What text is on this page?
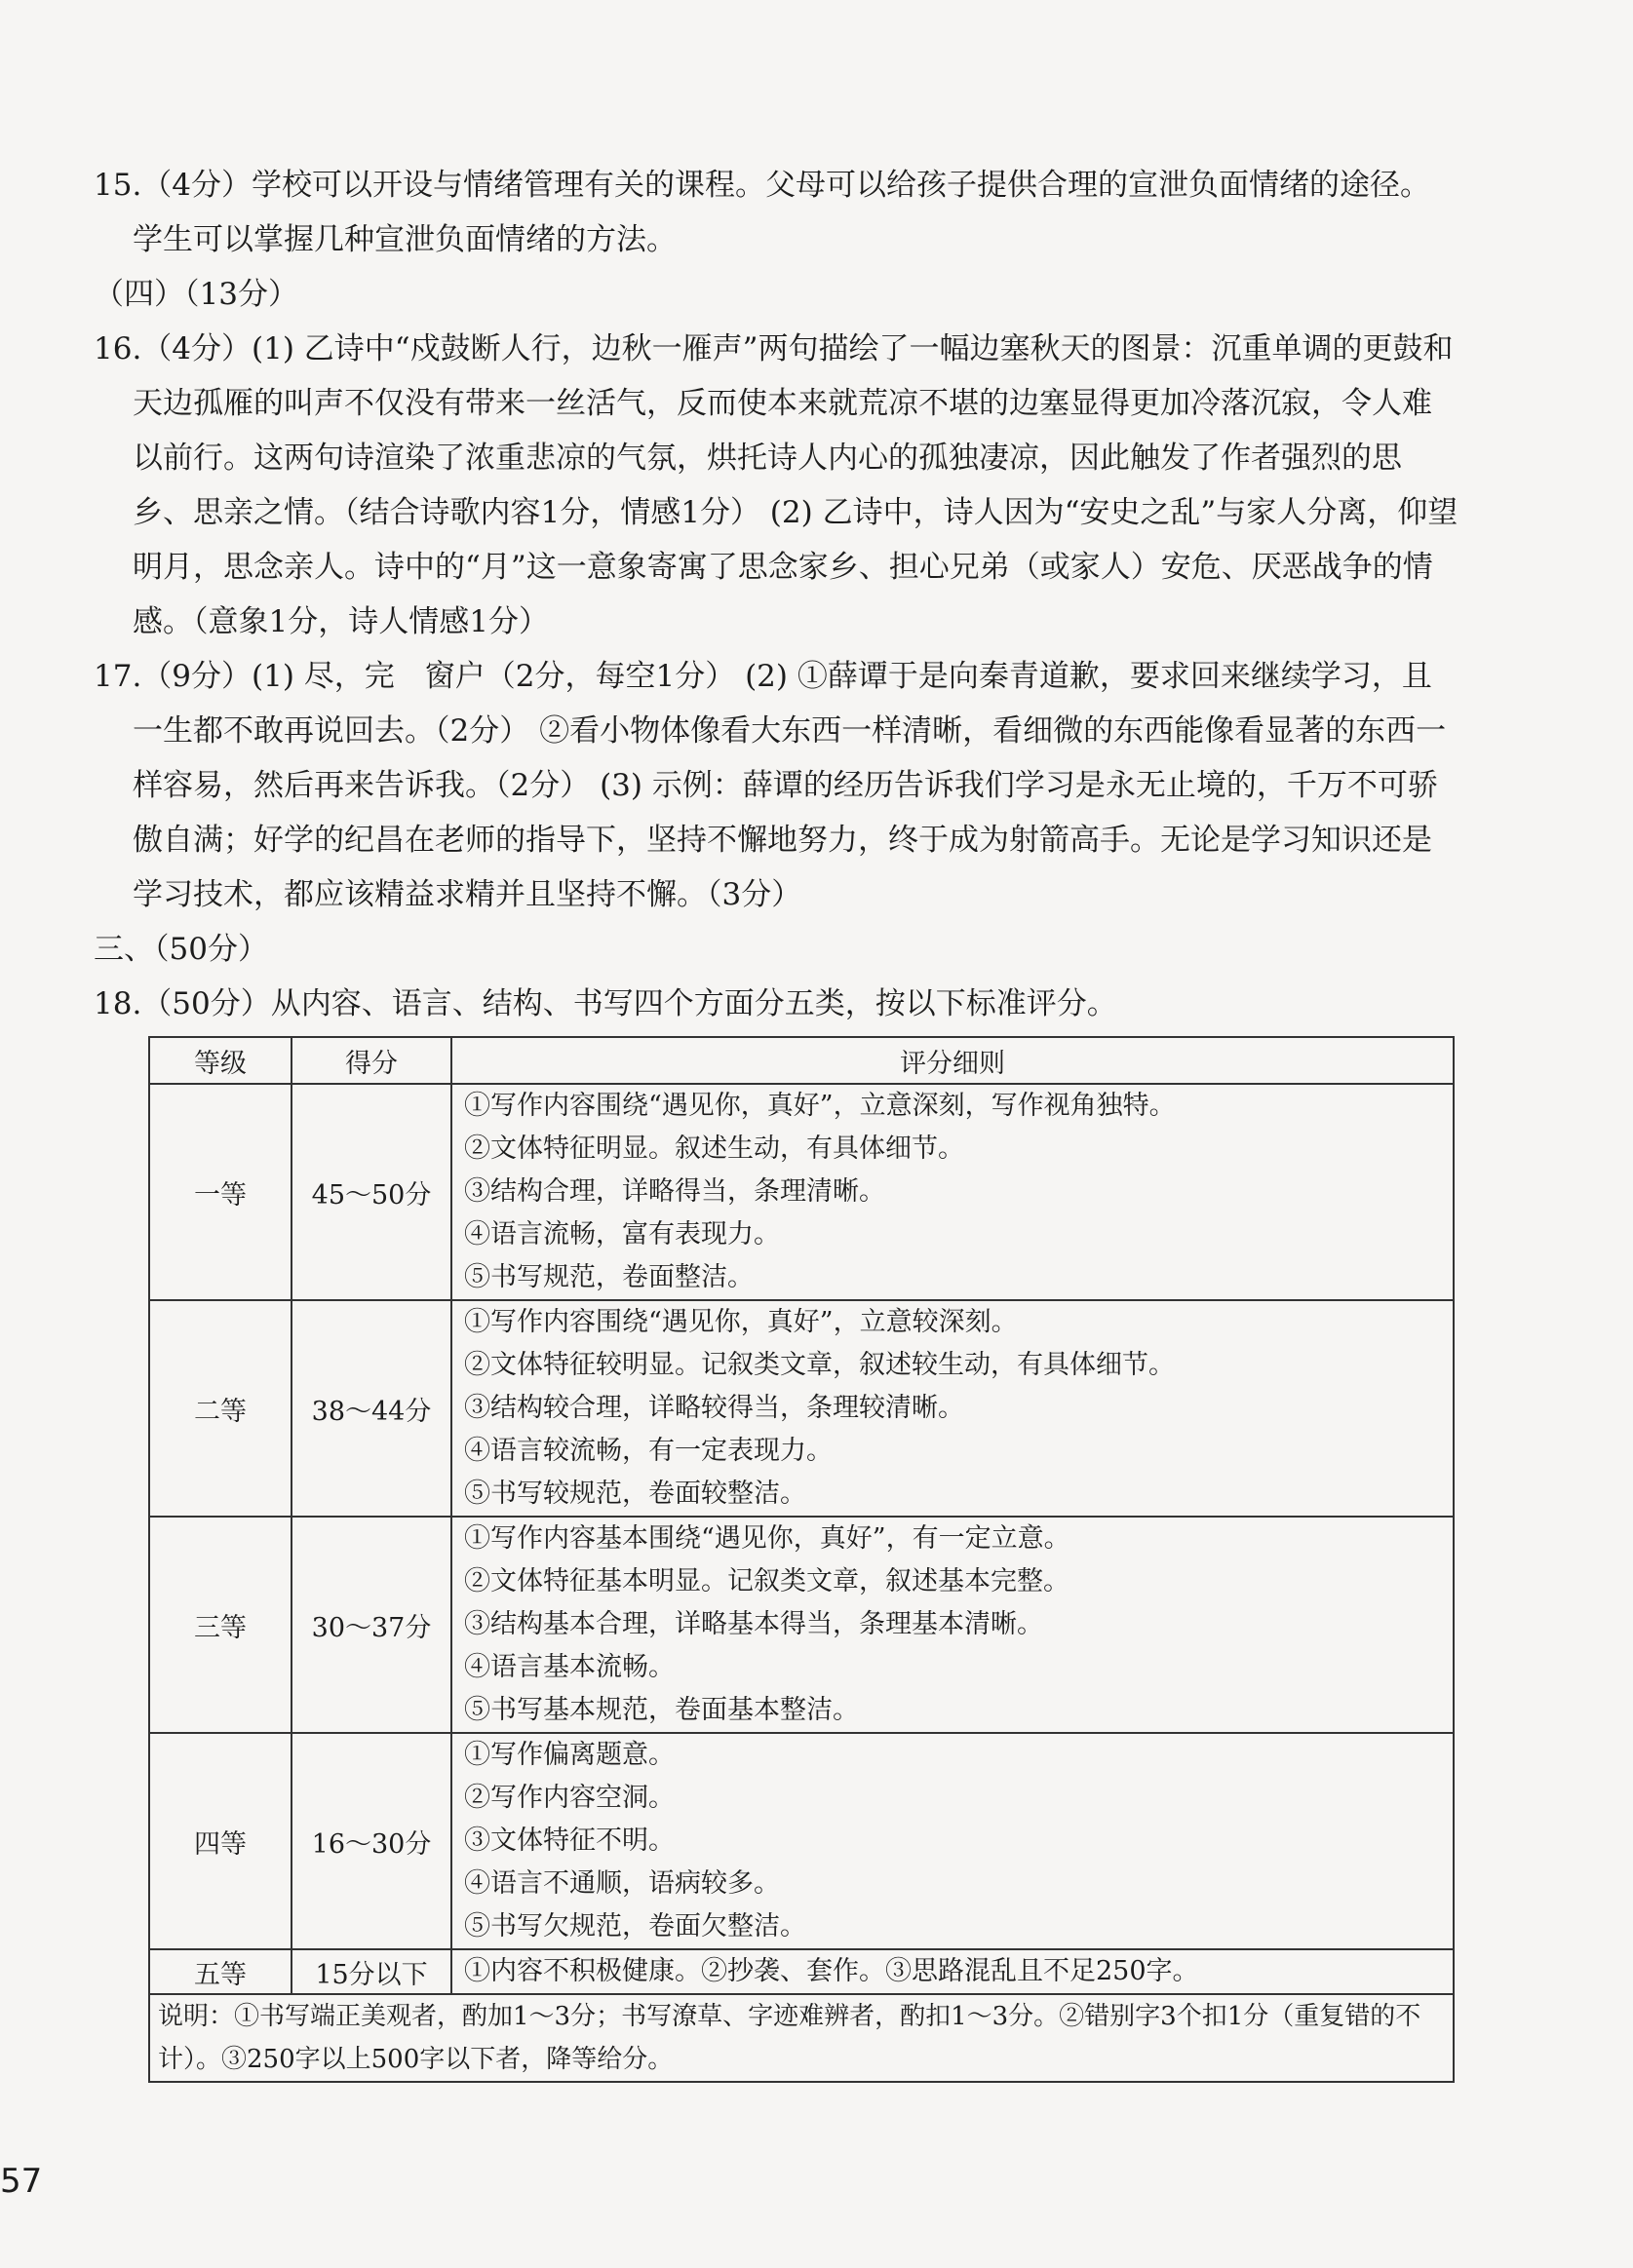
15.（4分）学校可以开设与情绪管理有关的课程。父母可以给孩子提供合理的宣泄负面情绪的途径。学生可以掌握几种宣泄负面情绪的方法。
（四）（13分）
16.（4分）(1) 乙诗中“戍鼓断人行，边秋一雁声”两句描绘了一幅边塞秋天的图景：沉重单调的更鼓和天边孤雁的叫声不仅没有带来一丝活气，反而使本来就荒凉不堪的边塞显得更加冷落沉寂，令人难以前行。这两句诗渲染了浓重悲凉的气氛，烘托诗人内心的孤独凄凉，因此触发了作者强烈的思乡、思亲之情。（结合诗歌内容1分，情感1分） (2) 乙诗中，诗人因为“安史之乱”与家人分离，仰望明月，思念亲人。诗中的“月”这一意象寄寓了思念家乡、担心兄弟（或家人）安危、厌恶战争的情感。（意象1分，诗人情感1分）
17.（9分）(1) 尽，完　窗户（2分，每空1分） (2) ①薛谭于是向秦青道歉，要求回来继续学习，且一生都不敢再说回去。（2分） ②看小物体像看大东西一样清晰，看细微的东西能像看显著的东西一样容易，然后再来告诉我。（2分） (3) 示例：薛谭的经历告诉我们学习是永无止境的，千万不可骄傲自满；好学的纪昌在老师的指导下，坚持不懈地努力，终于成为射箭高手。无论是学习知识还是学习技术，都应该精益求精并且坚持不懈。（3分）
三、（50分）
18.（50分）从内容、语言、结构、书写四个方面分五类，按以下标准评分。
等级	得分	评分细则
一等	45～50分	①写作内容围绕“遇见你，真好”，立意深刻，写作视角独特。
②文体特征明显。叙述生动，有具体细节。
③结构合理，详略得当，条理清晰。
④语言流畅，富有表现力。
⑤书写规范，卷面整洁。

二等	38～44分	①写作内容围绕“遇见你，真好”，立意较深刻。
②文体特征较明显。记叙类文章，叙述较生动，有具体细节。
③结构较合理，详略较得当，条理较清晰。
④语言较流畅，有一定表现力。
⑤书写较规范，卷面较整洁。

三等	30～37分	①写作内容基本围绕“遇见你，真好”，有一定立意。
②文体特征基本明显。记叙类文章，叙述基本完整。
③结构基本合理，详略基本得当，条理基本清晰。
④语言基本流畅。
⑤书写基本规范，卷面基本整洁。

四等	16～30分	①写作偏离题意。
②写作内容空洞。
③文体特征不明。
④语言不通顺，语病较多。
⑤书写欠规范，卷面欠整洁。

五等	15分以下	①内容不积极健康。②抄袭、套作。③思路混乱且不足250字。

说明：①书写端正美观者，酌加1～3分；书写潦草、字迹难辨者，酌扣1～3分。②错别字3个扣1分（重复错的不计）。③250字以上500字以下者，降等给分。		
57
